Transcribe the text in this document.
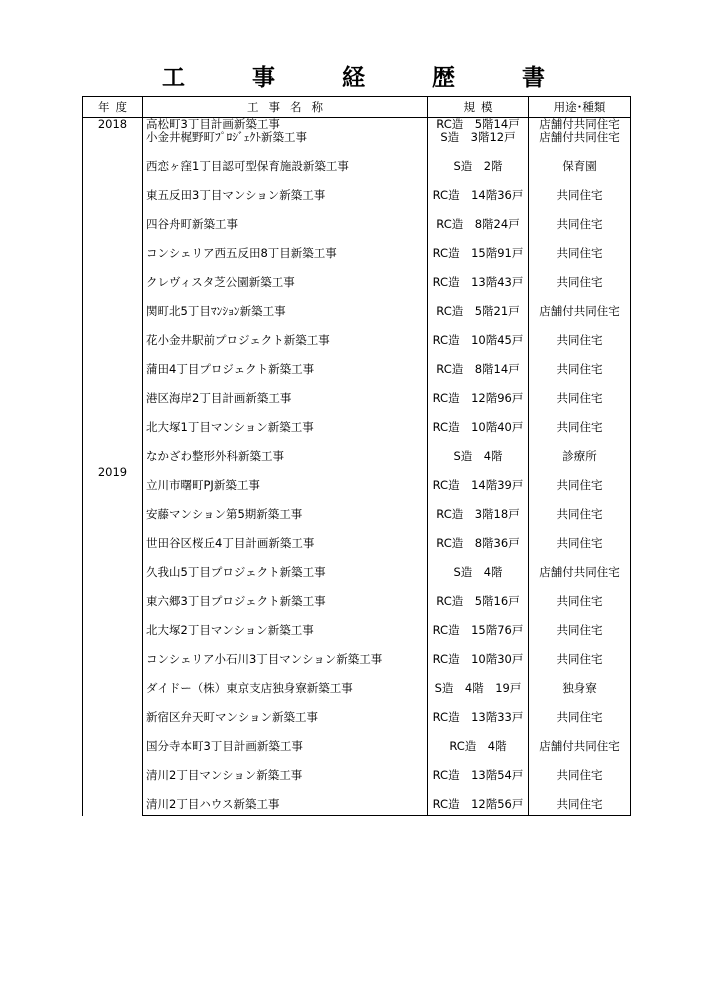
工　事　経　歴　書
年度	工事名称	規模	用途･種類
2018	高松町3丁目計画新築工事	RC造　5階14戸	店舗付共同住宅
2019	小金井梶野町ﾌﾟﾛｼﾞｪｸﾄ新築工事	S造　3階12戸	店舗付共同住宅
	西恋ヶ窪1丁目認可型保育施設新築工事	S造　2階	保育園
	東五反田3丁目マンション新築工事	RC造　14階36戸	共同住宅
	四谷舟町新築工事	RC造　8階24戸	共同住宅
	コンシェリア西五反田8丁目新築工事	RC造　15階91戸	共同住宅
	クレヴィスタ芝公園新築工事	RC造　13階43戸	共同住宅
	関町北5丁目ﾏﾝｼｮﾝ新築工事	RC造　5階21戸	店舗付共同住宅
	花小金井駅前プロジェクト新築工事	RC造　10階45戸	共同住宅
	蒲田4丁目プロジェクト新築工事	RC造　8階14戸	共同住宅
	港区海岸2丁目計画新築工事	RC造　12階96戸	共同住宅
	北大塚1丁目マンション新築工事	RC造　10階40戸	共同住宅
	なかざわ整形外科新築工事	S造　4階	診療所
	立川市曙町PJ新築工事	RC造　14階39戸	共同住宅
	安藤マンション第5期新築工事	RC造　3階18戸	共同住宅
	世田谷区桜丘4丁目計画新築工事	RC造　8階36戸	共同住宅
	久我山5丁目プロジェクト新築工事	S造　4階	店舗付共同住宅
	東六郷3丁目プロジェクト新築工事	RC造　5階16戸	共同住宅
	北大塚2丁目マンション新築工事	RC造　15階76戸	共同住宅
	コンシェリア小石川3丁目マンション新築工事	RC造　10階30戸	共同住宅
	ダイドー（株）東京支店独身寮新築工事	S造　4階　19戸	独身寮
	新宿区弁天町マンション新築工事	RC造　13階33戸	共同住宅
	国分寺本町3丁目計画新築工事	RC造　4階	店舗付共同住宅
	清川2丁目マンション新築工事	RC造　13階54戸	共同住宅
	清川2丁目ハウス新築工事	RC造　12階56戸	共同住宅
